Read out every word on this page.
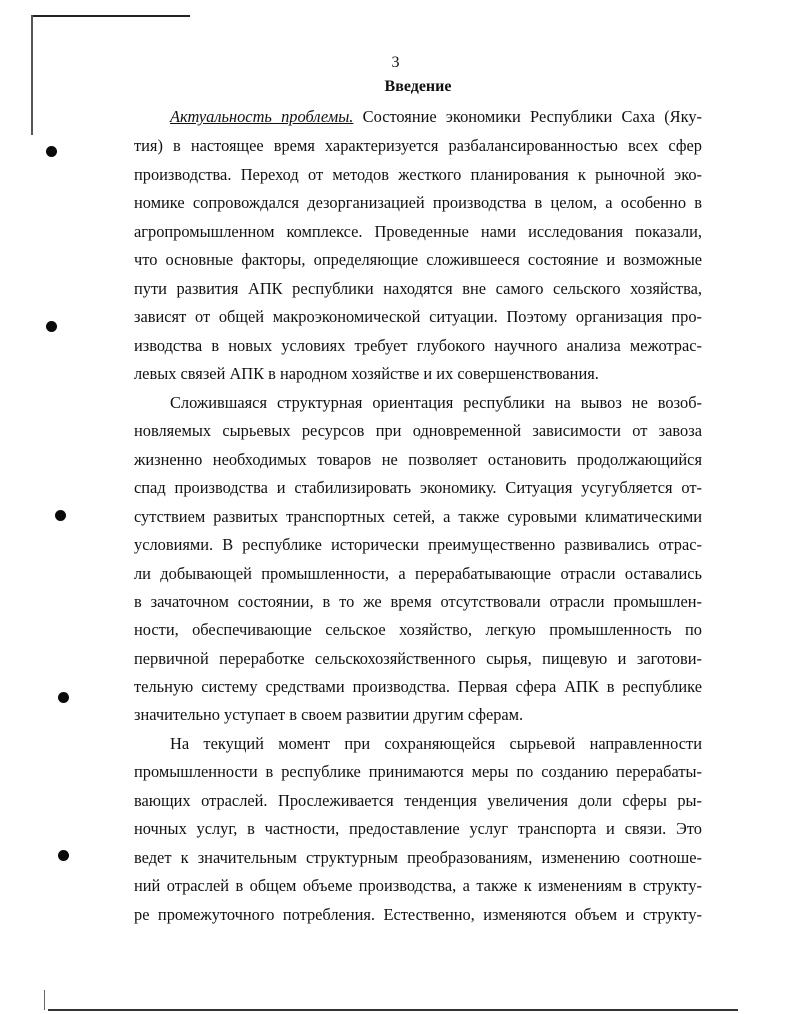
3
Введение
Актуальность проблемы. Состояние экономики Республики Саха (Яку-
тия) в настоящее время характеризуется разбалансированностью всех сфер
производства. Переход от методов жесткого планирования к рыночной эко-
номике сопровождался дезорганизацией производства в целом, а особенно в
агропромышленном комплексе. Проведенные нами исследования показали,
что основные факторы, определяющие сложившееся состояние и возможные
пути развития АПК республики находятся вне самого сельского хозяйства,
зависят от общей макроэкономической ситуации. Поэтому организация про-
изводства в новых условиях требует глубокого научного анализа межотрас-
левых связей АПК в народном хозяйстве и их совершенствования.
Сложившаяся структурная ориентация республики на вывоз не возоб-
новляемых сырьевых ресурсов при одновременной зависимости от завоза
жизненно необходимых товаров не позволяет остановить продолжающийся
спад производства и стабилизировать экономику. Ситуация усугубляется от-
сутствием развитых транспортных сетей, а также суровыми климатическими
условиями. В республике исторически преимущественно развивались отрас-
ли добывающей промышленности, а перерабатывающие отрасли оставались
в зачаточном состоянии, в то же время отсутствовали отрасли промышлен-
ности, обеспечивающие сельское хозяйство, легкую промышленность по
первичной переработке сельскохозяйственного сырья, пищевую и заготови-
тельную систему средствами производства. Первая сфера АПК в республике
значительно уступает в своем развитии другим сферам.
На текущий момент при сохраняющейся сырьевой направленности
промышленности в республике принимаются меры по созданию перерабаты-
вающих отраслей. Прослеживается тенденция увеличения доли сферы ры-
ночных услуг, в частности, предоставление услуг транспорта и связи. Это
ведет к значительным структурным преобразованиям, изменению соотноше-
ний отраслей в общем объеме производства, а также к изменениям в структу-
ре промежуточного потребления. Естественно, изменяются объем и структу-
